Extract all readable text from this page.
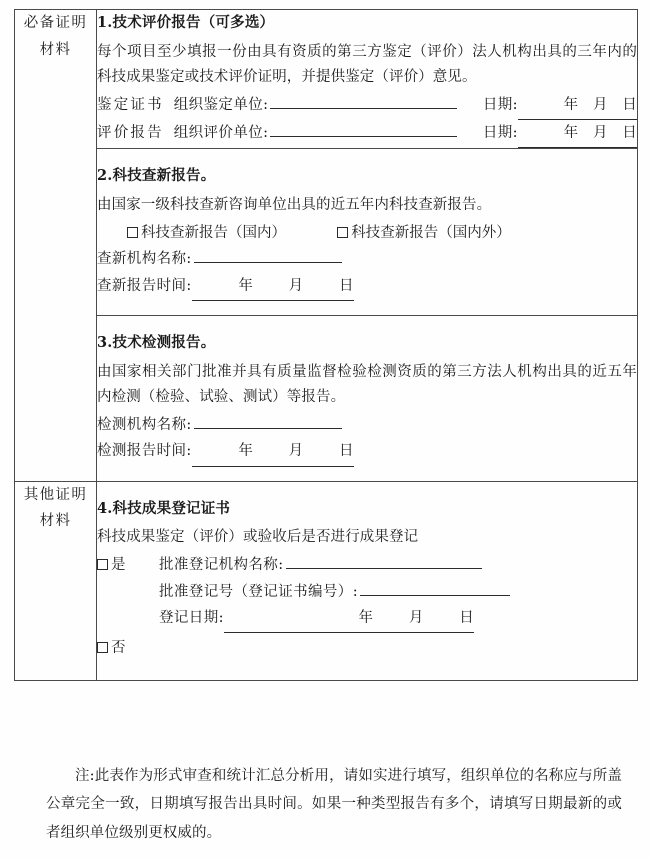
必备证明
材料

1.技术评价报告（可多选）
每个项目至少填报一份由具有资质的第三方鉴定（评价）法人机构出具的三年内的科技成果鉴定或技术评价证明，并提供鉴定（评价）意见。
鉴定证书 组织鉴定单位:	日期:	年 月 日
评价报告 组织评价单位:	日期:	年 月 日

2.科技查新报告。
由国家一级科技查新咨询单位出具的近五年内科技查新报告。
科技查新报告（国内）	科技查新报告（国内外）
查新机构名称:
查新报告时间:	年 月 日

	3.技术检测报告。
由国家相关部门批准并具有质量监督检验检测资质的第三方法人机构出具的近五年内检测（检验、试验、测试）等报告。
检测机构名称:
检测报告时间: 年 月 日

其他证明
材料

4.科技成果登记证书
科技成果鉴定（评价）或验收后是否进行成果登记
是	批准登记机构名称:
批准登记号（登记证书编号）:
登记日期:	年 月 日
否
注:此表作为形式审查和统计汇总分析用，请如实进行填写，组织单位的名称应与所盖公章完全一致，日期填写报告出具时间。如果一种类型报告有多个，请填写日期最新的或者组织单位级别更权威的。
